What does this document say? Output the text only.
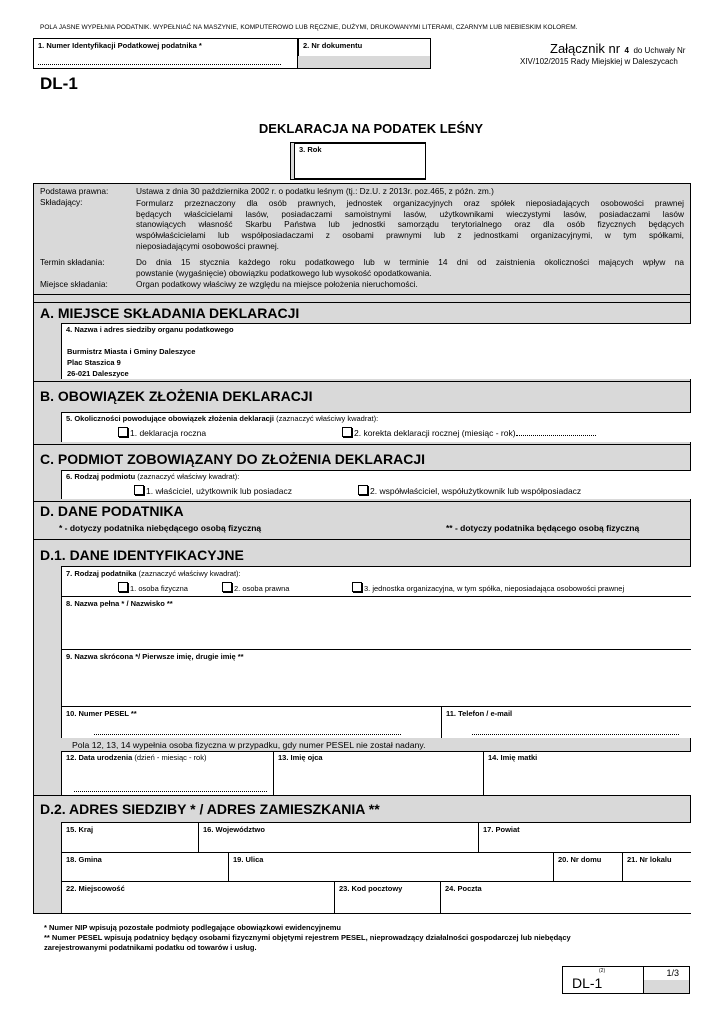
POLA JASNE WYPEŁNIA PODATNIK. WYPEŁNIAĆ NA MASZYNIE, KOMPUTEROWO LUB RĘCZNIE, DUŻYMI, DRUKOWANYMI LITERAMI, CZARNYM LUB NIEBIESKIM KOLOREM.
1. Numer Identyfikacji Podatkowej podatnika *	2. Nr dokumentu	Załącznik nr 4 do Uchwały Nr
XIV/102/2015 Rady Miejskiej w Daleszycach
DL-1
DEKLARACJA NA PODATEK LEŚNY
3. Rok
Podstawa prawna:	Ustawa z dnia 30 października 2002 r. o podatku leśnym (tj.: Dz.U. z 2013r. poz.465, z późn. zm.)
Składający:	Formularz przeznaczony dla osób prawnych, jednostek organizacyjnych oraz spółek nieposiadających osobowości prawnej
będących właścicielami lasów, posiadaczami samoistnymi lasów, użytkownikami wieczystymi lasów, posiadaczami lasów
stanowiących własność Skarbu Państwa lub jednostki samorządu terytorialnego oraz dla osób fizycznych będących
współwłaścicielami lub współposiadaczami z osobami prawnymi lub z jednostkami organizacyjnymi, w tym spółkami,
nieposiadającymi osobowości prawnej.
Termin składania:	Do dnia 15 stycznia każdego roku podatkowego lub w terminie 14 dni od zaistnienia okoliczności mających wpływ na
powstanie (wygaśnięcie) obowiązku podatkowego lub wysokość opodatkowania.
Miejsce składania:	Organ podatkowy właściwy ze względu na miejsce położenia nieruchomości.
A. MIEJSCE SKŁADANIA DEKLARACJI
4. Nazwa i adres siedziby organu podatkowego
Burmistrz Miasta i Gminy Daleszyce
Plac Staszica 9
26-021 Daleszyce
B. OBOWIĄZEK ZŁOŻENIA DEKLARACJI
5. Okoliczności powodujące obowiązek złożenia deklaracji (zaznaczyć właściwy kwadrat):
1. deklaracja roczna	2. korekta deklaracji rocznej (miesiąc - rok)
C. PODMIOT ZOBOWIĄZANY DO ZŁOŻENIA DEKLARACJI
6. Rodzaj podmiotu (zaznaczyć właściwy kwadrat):
1. właściciel, użytkownik lub posiadacz	2. współwłaściciel, współużytkownik lub współposiadacz
D. DANE PODATNIKA
* - dotyczy podatnika niebędącego osobą fizyczną	** - dotyczy podatnika będącego osobą fizyczną
D.1. DANE IDENTYFIKACYJNE
7. Rodzaj podatnika (zaznaczyć właściwy kwadrat):
1. osoba fizyczna	2. osoba prawna	3. jednostka organizacyjna, w tym spółka, nieposiadająca osobowości prawnej
8. Nazwa pełna * / Nazwisko **
9. Nazwa skrócona */ Pierwsze imię, drugie imię **
10. Numer PESEL **	11. Telefon / e-mail
Pola 12, 13, 14 wypełnia osoba fizyczna w przypadku, gdy numer PESEL nie został nadany.
12. Data urodzenia (dzień - miesiąc - rok)	13. Imię ojca	14. Imię matki
D.2. ADRES SIEDZIBY * / ADRES ZAMIESZKANIA **
15. Kraj	16. Województwo	17. Powiat
18. Gmina	19. Ulica	20. Nr domu	21. Nr lokalu
22. Miejscowość	23. Kod pocztowy	24. Poczta
* Numer NIP wpisują pozostałe podmioty podlegające obowiązkowi ewidencyjnemu
** Numer PESEL wpisują podatnicy będący osobami fizycznymi objętymi rejestrem PESEL, nieprowadzący działalności gospodarczej lub niebędący
zarejestrowanymi podatnikami podatku od towarów i usług.
(2)
DL-1
1/3
